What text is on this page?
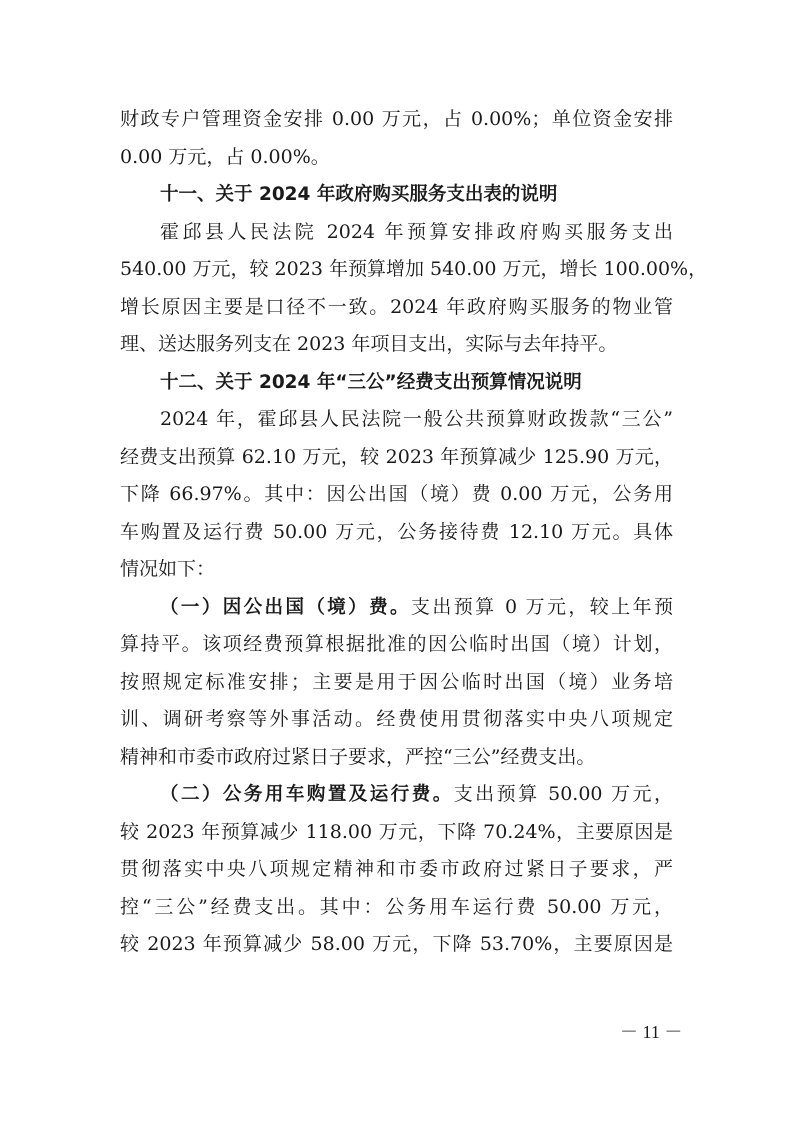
财政专户管理资金安排 0.00 万元，占 0.00%；单位资金安排
0.00 万元，占 0.00%。
十一、关于 2024 年政府购买服务支出表的说明
霍邱县人民法院 2024 年预算安排政府购买服务支出
540.00 万元，较 2023 年预算增加 540.00 万元，增长 100.00%，
增长原因主要是口径不一致。2024 年政府购买服务的物业管
理、送达服务列支在 2023 年项目支出，实际与去年持平。
十二、关于 2024 年“三公”经费支出预算情况说明
2024 年，霍邱县人民法院一般公共预算财政拨款“三公”
经费支出预算 62.10 万元，较 2023 年预算减少 125.90 万元，
下降 66.97%。其中：因公出国（境）费 0.00 万元，公务用
车购置及运行费 50.00 万元，公务接待费 12.10 万元。具体
情况如下：
（一）因公出国（境）费。支出预算 0 万元，较上年预
算持平。该项经费预算根据批准的因公临时出国（境）计划，
按照规定标准安排；主要是用于因公临时出国（境）业务培
训、调研考察等外事活动。经费使用贯彻落实中央八项规定
精神和市委市政府过紧日子要求，严控“三公”经费支出。
（二）公务用车购置及运行费。支出预算 50.00 万元，
较 2023 年预算减少 118.00 万元，下降 70.24%，主要原因是
贯彻落实中央八项规定精神和市委市政府过紧日子要求，严
控“三公”经费支出。其中：公务用车运行费 50.00 万元，
较 2023 年预算减少 58.00 万元，下降 53.70%，主要原因是
－ 11 －
